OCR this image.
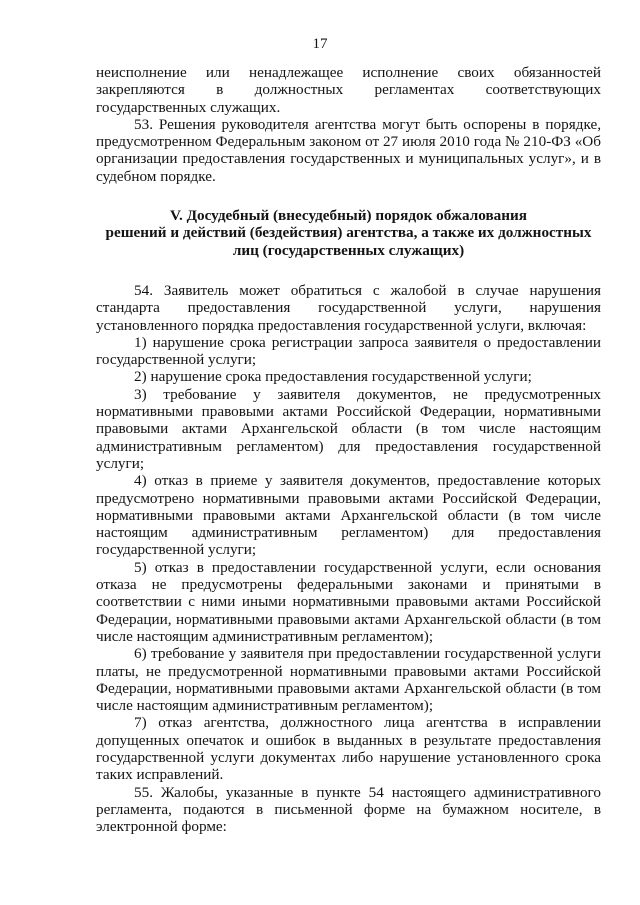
17

неисполнение или ненадлежащее исполнение своих обязанностей закрепляются в должностных регламентах соответствующих государственных служащих.

53. Решения руководителя агентства могут быть оспорены в порядке, предусмотренном Федеральным законом от 27 июля 2010 года № 210-ФЗ «Об организации предоставления государственных и муниципальных услуг», и в судебном порядке.

V. Досудебный (внесудебный) порядок обжалования
решений и действий (бездействия) агентства, а также их должностных
лиц (государственных служащих)

54. Заявитель может обратиться с жалобой в случае нарушения стандарта предоставления государственной услуги, нарушения установленного порядка предоставления государственной услуги, включая:

1) нарушение срока регистрации запроса заявителя о предоставлении государственной услуги;

2) нарушение срока предоставления государственной услуги;

3) требование у заявителя документов, не предусмотренных нормативными правовыми актами Российской Федерации, нормативными правовыми актами Архангельской области (в том числе настоящим административным регламентом) для предоставления государственной услуги;

4) отказ в приеме у заявителя документов, предоставление которых предусмотрено нормативными правовыми актами Российской Федерации, нормативными правовыми актами Архангельской области (в том числе настоящим административным регламентом) для предоставления государственной услуги;

5) отказ в предоставлении государственной услуги, если основания отказа не предусмотрены федеральными законами и принятыми в соответствии с ними иными нормативными правовыми актами Российской Федерации, нормативными правовыми актами Архангельской области (в том числе настоящим административным регламентом);

6) требование у заявителя при предоставлении государственной услуги платы, не предусмотренной нормативными правовыми актами Российской Федерации, нормативными правовыми актами Архангельской области (в том числе настоящим административным регламентом);

7) отказ агентства, должностного лица агентства в исправлении допущенных опечаток и ошибок в выданных в результате предоставления государственной услуги документах либо нарушение установленного срока таких исправлений.

55. Жалобы, указанные в пункте 54 настоящего административного регламента, подаются в письменной форме на бумажном носителе, в электронной форме:
